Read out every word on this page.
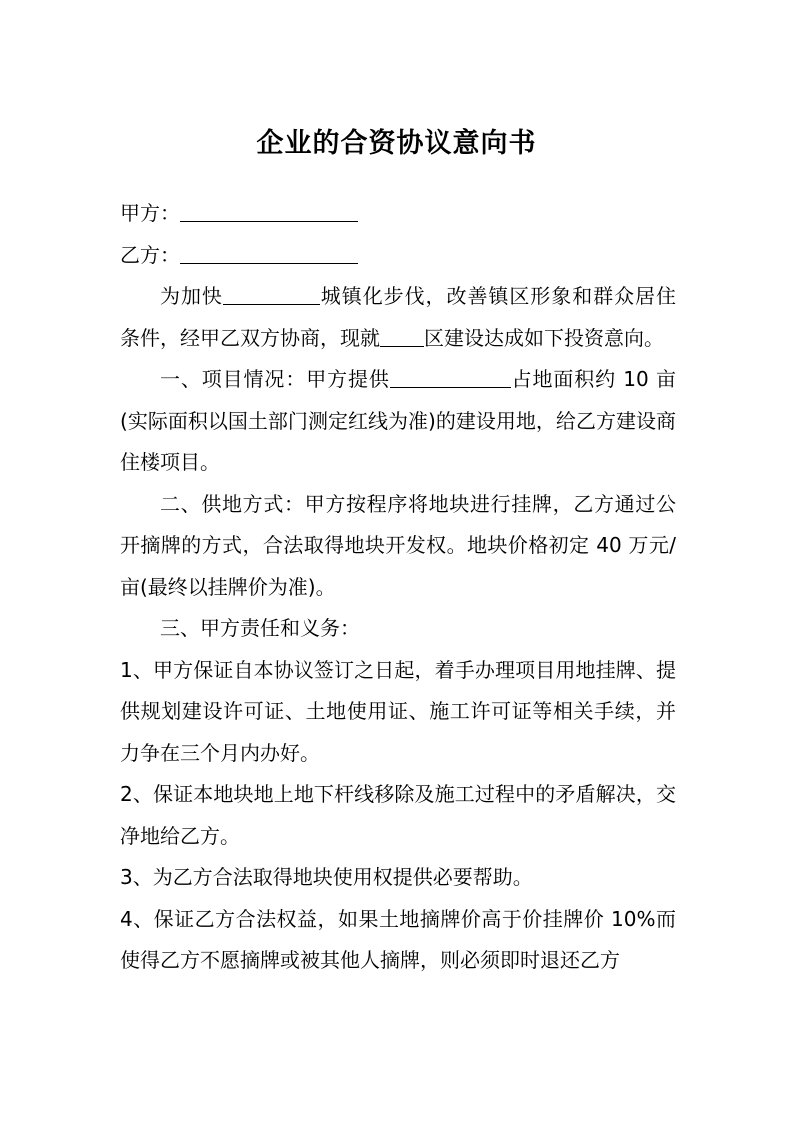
企业的合资协议意向书

甲方：

乙方：

为加快	城镇化步伐，改善镇区形象和群众居住条件，经甲乙双方协商，现就 区建设达成如下投资意向。

一、项目情况：甲方提供	占地面积约 10 亩(实际面积以国土部门测定红线为准)的建设用地，给乙方建设商住楼项目。

二、供地方式：甲方按程序将地块进行挂牌，乙方通过公开摘牌的方式，合法取得地块开发权。地块价格初定 40 万元/亩(最终以挂牌价为准)。

三、甲方责任和义务：

1、甲方保证自本协议签订之日起，着手办理项目用地挂牌、提供规划建设许可证、土地使用证、施工许可证等相关手续，并力争在三个月内办好。

2、保证本地块地上地下杆线移除及施工过程中的矛盾解决，交净地给乙方。

3、为乙方合法取得地块使用权提供必要帮助。

4、保证乙方合法权益，如果土地摘牌价高于价挂牌价 10%而使得乙方不愿摘牌或被其他人摘牌，则必须即时退还乙方
